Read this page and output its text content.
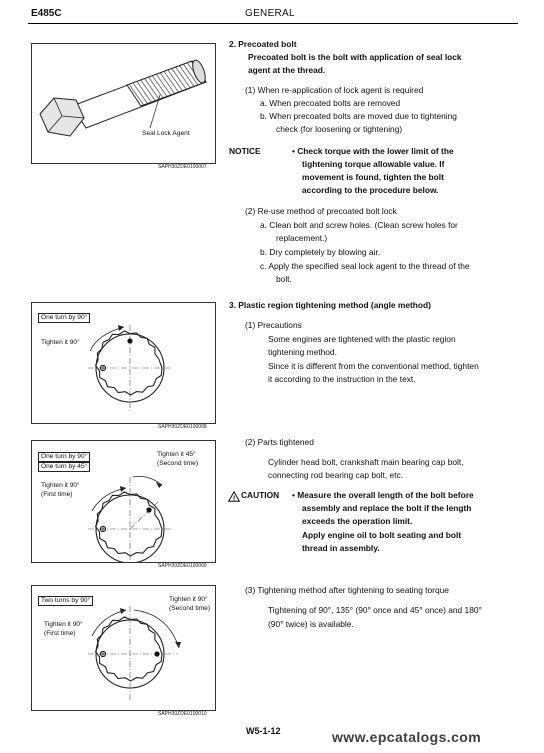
E485C	GENERAL
Seal Lock Agent
SAPH30ZDE0100007
2. Precoated bolt
Precoated bolt is the bolt with application of seal lock
agent at the thread.
(1) When re-application of lock agent is required
a. When precoated bolts are removed
b. When precoated bolts are moved due to tightening
check (for loosening or tightening)
NOTICE	• Check torque with the lower limit of the
tightening torque allowable value. If
movement is found, tighten the bolt
according to the procedure below.
(2) Re-use method of precoated bolt lock
a. Clean bolt and screw holes. (Clean screw holes for
replacement.)
b. Dry completely by blowing air.
c. Apply the specified seal lock agent to the thread of the
bolt.
One turn by 90°
Tighten it 90°
SAPH30ZDE0100008
3. Plastic region tightening method (angle method)
(1) Precautions
Some engines are tightened with the plastic region
tightening method.
Since it is different from the conventional method, tighten
it according to the instruction in the text.
One turn by 90°
One turn by 45°
Tighten it 90°
(First time)
Tighten it 45°
(Second time)
SAPH30ZDE0100009
(2) Parts tightened
Cylinder head bolt, crankshaft main bearing cap bolt,
connecting rod bearing cap bolt, etc.
! CAUTION • Measure the overall length of the bolt before
assembly and replace the bolt if the length
exceeds the operation limit.
Apply engine oil to bolt seating and bolt
thread in assembly.
Two turns by 90°
Tighten it 90°
(First time)
Tighten it 90°
(Second time)
SAPH30ZDE0100010
(3) Tightening method after tightening to seating torque
Tightening of 90°, 135° (90° once and 45° once) and 180°
(90° twice) is available.
W5-1-12	www.epcatalogs.com
